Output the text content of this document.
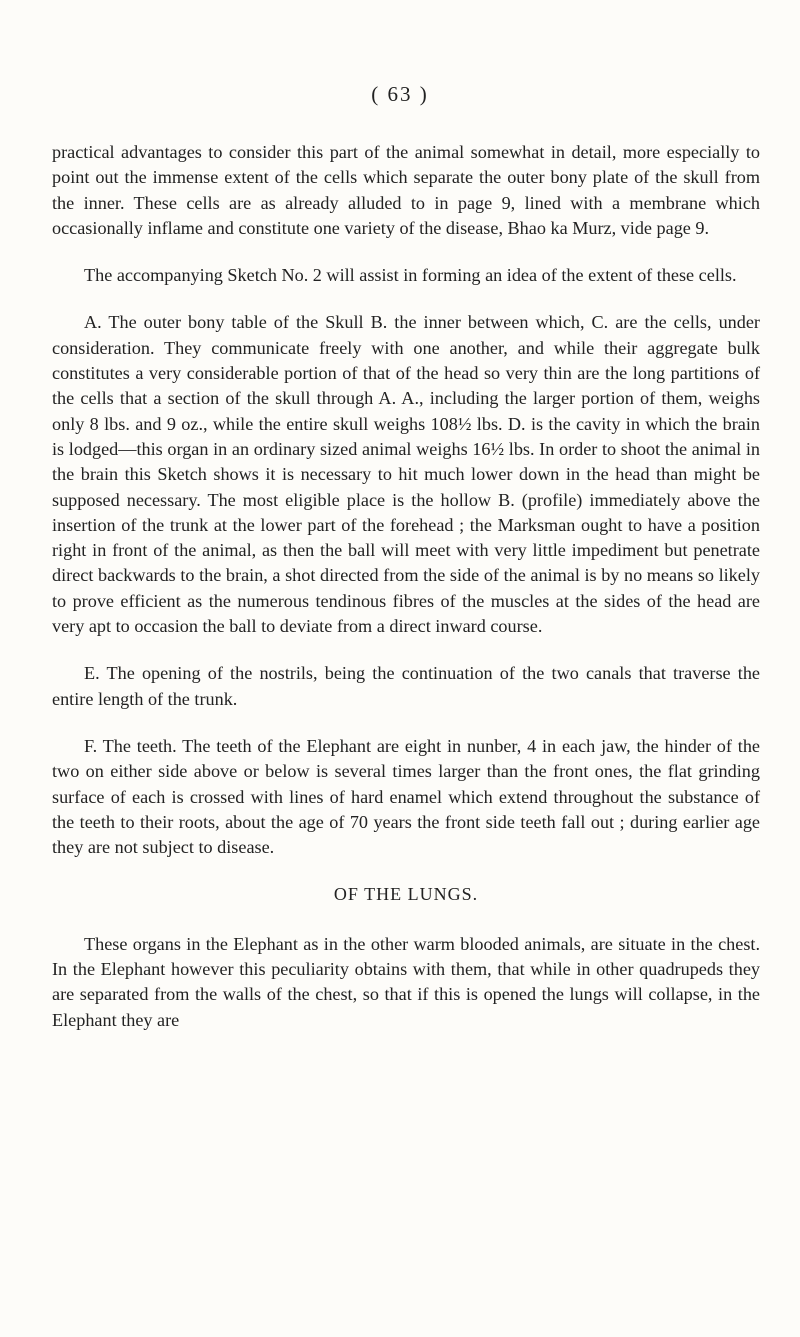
( 63 )

practical advantages to consider this part of the animal somewhat in detail, more especially to point out the immense extent of the cells which separate the outer bony plate of the skull from the inner. These cells are as already alluded to in page 9, lined with a membrane which occasionally inflame and constitute one variety of the disease, Bhao ka Murz, vide page 9.

The accompanying Sketch No. 2 will assist in forming an idea of the extent of these cells.

A. The outer bony table of the Skull B. the inner between which, C. are the cells, under consideration. They communicate freely with one another, and while their aggregate bulk constitutes a very considerable portion of that of the head so very thin are the long partitions of the cells that a section of the skull through A. A., including the larger portion of them, weighs only 8 lbs. and 9 oz., while the entire skull weighs 108½ lbs. D. is the cavity in which the brain is lodged—this organ in an ordinary sized animal weighs 16½ lbs. In order to shoot the animal in the brain this Sketch shows it is necessary to hit much lower down in the head than might be supposed necessary. The most eligible place is the hollow B. (profile) immediately above the insertion of the trunk at the lower part of the forehead ; the Marksman ought to have a position right in front of the animal, as then the ball will meet with very little impediment but penetrate direct backwards to the brain, a shot directed from the side of the animal is by no means so likely to prove efficient as the numerous tendinous fibres of the muscles at the sides of the head are very apt to occasion the ball to deviate from a direct inward course.

E. The opening of the nostrils, being the continuation of the two canals that traverse the entire length of the trunk.

F. The teeth. The teeth of the Elephant are eight in nunber, 4 in each jaw, the hinder of the two on either side above or below is several times larger than the front ones, the flat grinding surface of each is crossed with lines of hard enamel which extend throughout the substance of the teeth to their roots, about the age of 70 years the front side teeth fall out ; during earlier age they are not subject to disease.

OF THE LUNGS.

These organs in the Elephant as in the other warm blooded animals, are situate in the chest. In the Elephant however this peculiarity obtains with them, that while in other quadrupeds they are separated from the walls of the chest, so that if this is opened the lungs will collapse, in the Elephant they are
